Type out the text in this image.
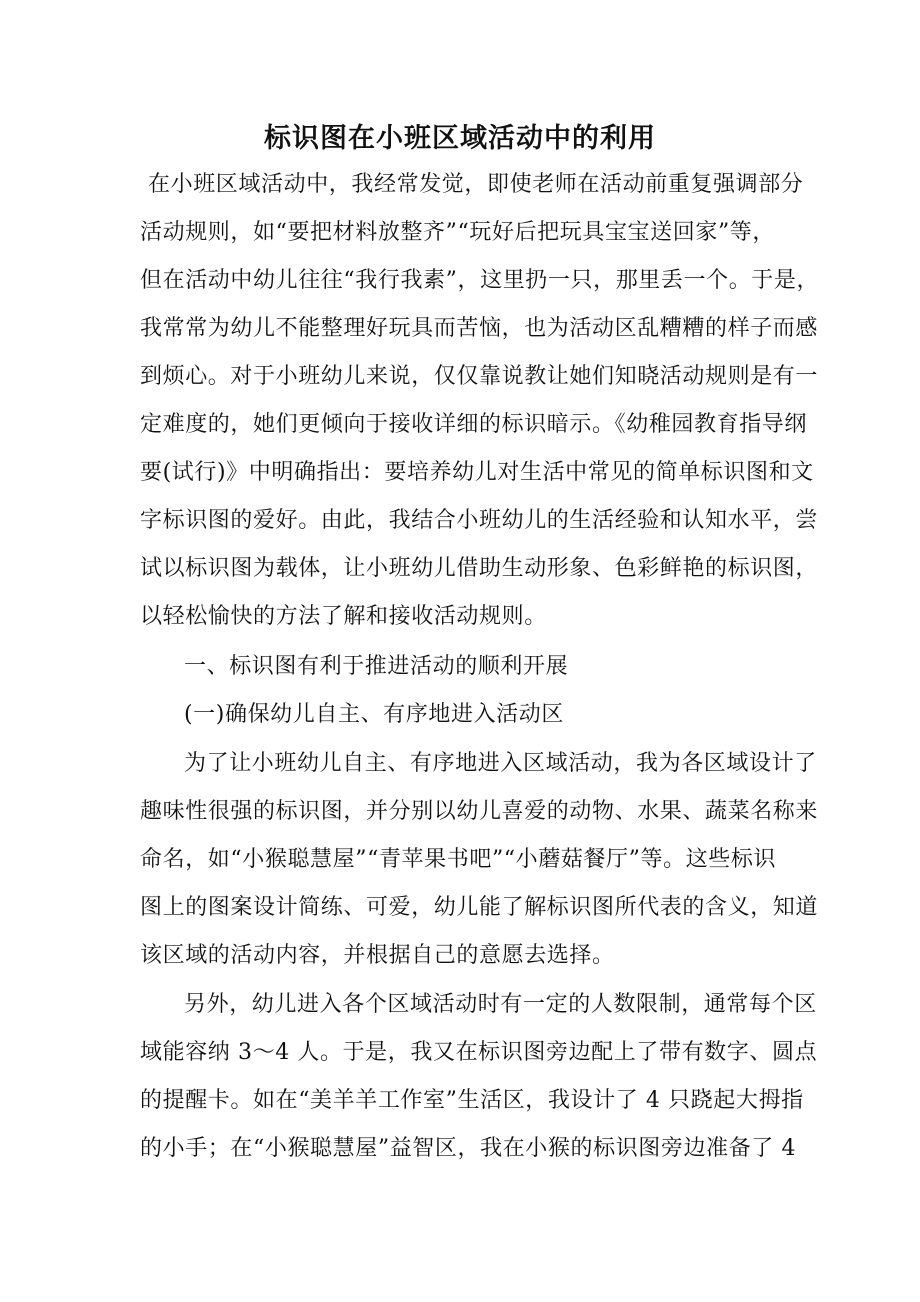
标识图在小班区域活动中的利用
在小班区域活动中，我经常发觉，即使老师在活动前重复强调部分
活动规则，如“要把材料放整齐”“玩好后把玩具宝宝送回家”等，
但在活动中幼儿往往“我行我素”，这里扔一只，那里丢一个。于是，
我常常为幼儿不能整理好玩具而苦恼，也为活动区乱糟糟的样子而感
到烦心。对于小班幼儿来说，仅仅靠说教让她们知晓活动规则是有一
定难度的，她们更倾向于接收详细的标识暗示。《幼稚园教育指导纲
要(试行)》中明确指出：要培养幼儿对生活中常见的简单标识图和文
字标识图的爱好。由此，我结合小班幼儿的生活经验和认知水平，尝
试以标识图为载体，让小班幼儿借助生动形象、色彩鲜艳的标识图，
以轻松愉快的方法了解和接收活动规则。
一、标识图有利于推进活动的顺利开展
(一)确保幼儿自主、有序地进入活动区
为了让小班幼儿自主、有序地进入区域活动，我为各区域设计了
趣味性很强的标识图，并分别以幼儿喜爱的动物、水果、蔬菜名称来
命名，如“小猴聪慧屋”“青苹果书吧”“小蘑菇餐厅”等。这些标识
图上的图案设计简练、可爱，幼儿能了解标识图所代表的含义，知道
该区域的活动内容，并根据自己的意愿去选择。
另外，幼儿进入各个区域活动时有一定的人数限制，通常每个区
域能容纳 3～4 人。于是，我又在标识图旁边配上了带有数字、圆点
的提醒卡。如在“美羊羊工作室”生活区，我设计了 4 只跷起大拇指
的小手；在“小猴聪慧屋”益智区，我在小猴的标识图旁边准备了 4
